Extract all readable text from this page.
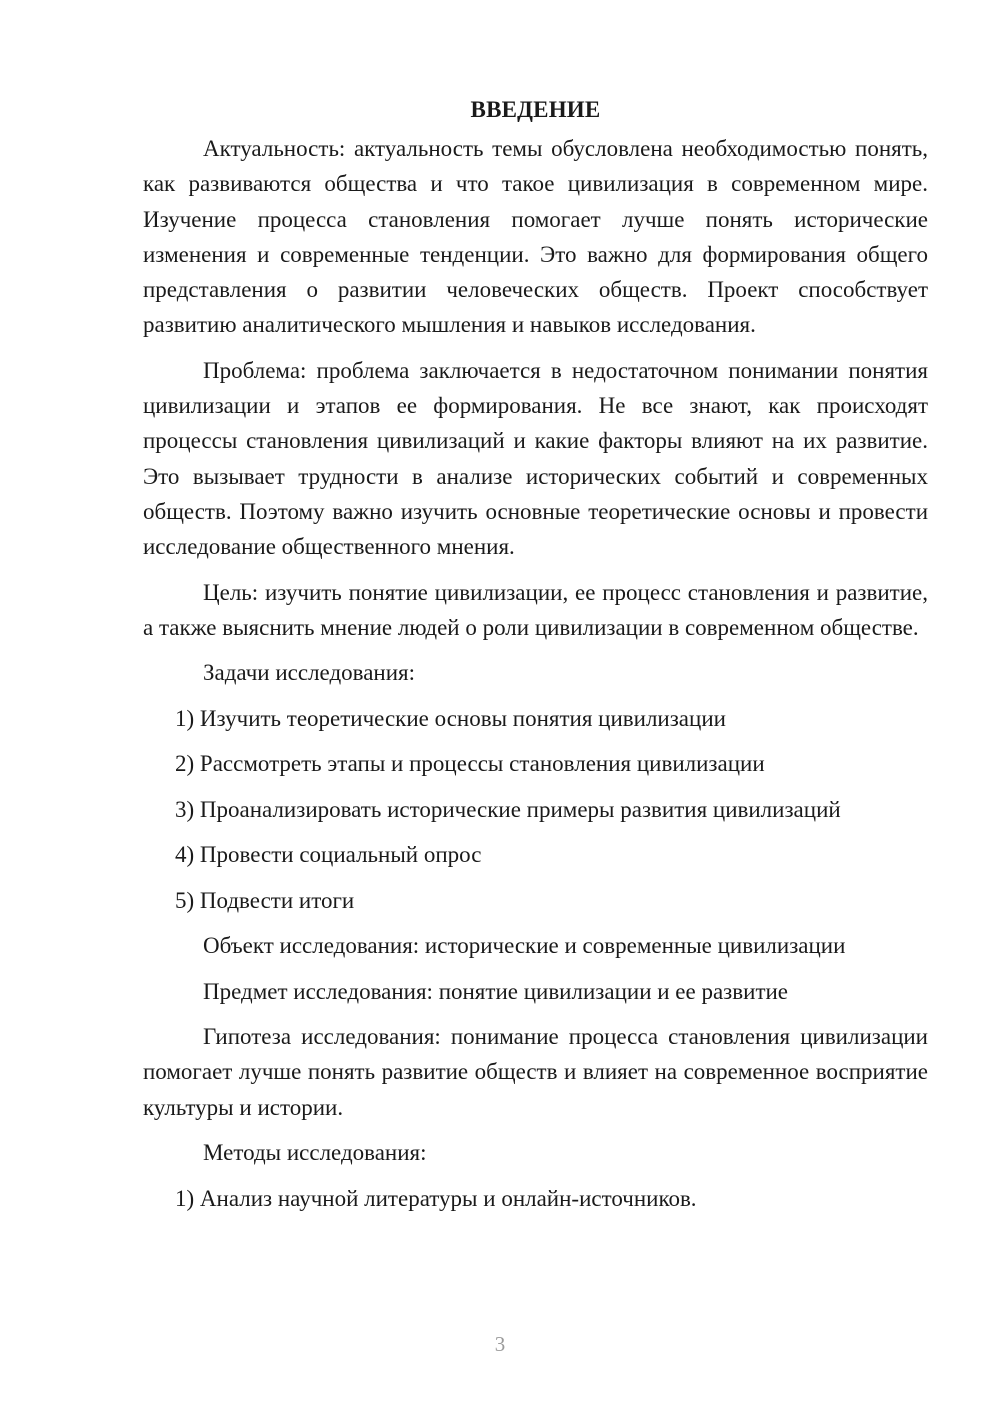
ВВЕДЕНИЕ

Актуальность: актуальность темы обусловлена необходимостью понять, как развиваются общества и что такое цивилизация в современном мире. Изучение процесса становления помогает лучше понять исторические изменения и современные тенденции. Это важно для формирования общего представления о развитии человеческих обществ. Проект способствует развитию аналитического мышления и навыков исследования.

Проблема: проблема заключается в недостаточном понимании понятия цивилизации и этапов ее формирования. Не все знают, как происходят процессы становления цивилизаций и какие факторы влияют на их развитие. Это вызывает трудности в анализе исторических событий и современных обществ. Поэтому важно изучить основные теоретические основы и провести исследование общественного мнения.

Цель: изучить понятие цивилизации, ее процесс становления и развитие, а также выяснить мнение людей о роли цивилизации в современном обществе.

Задачи исследования:
1) Изучить теоретические основы понятия цивилизации
2) Рассмотреть этапы и процессы становления цивилизации
3) Проанализировать исторические примеры развития цивилизаций
4) Провести социальный опрос
5) Подвести итоги
Объект исследования: исторические и современные цивилизации
Предмет исследования: понятие цивилизации и ее развитие

Гипотеза исследования: понимание процесса становления цивилизации помогает лучше понять развитие обществ и влияет на современное восприятие культуры и истории.

Методы исследования:
1) Анализ научной литературы и онлайн-источников.
3
